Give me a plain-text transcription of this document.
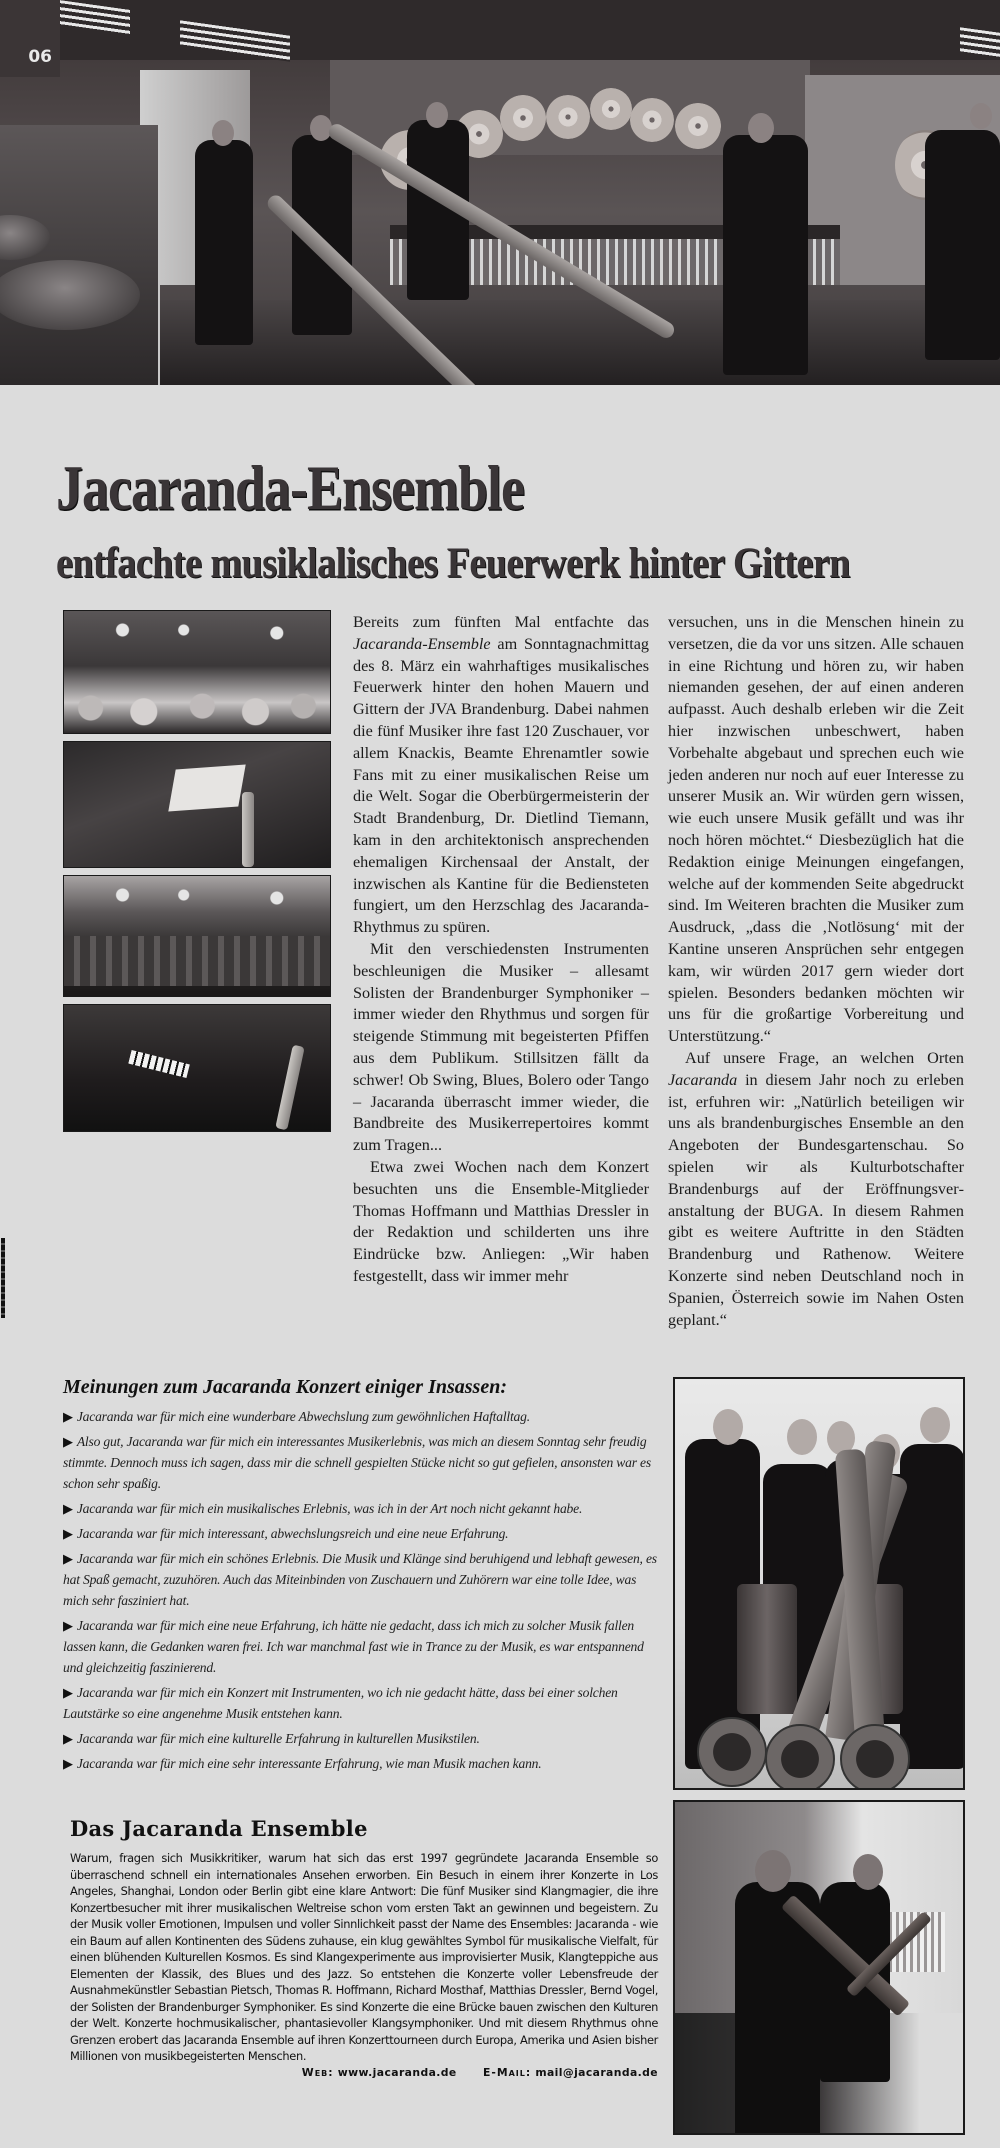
06
Jacaranda-Ensemble
entfachte musiklalisches Feuerwerk hinter Gittern

Bereits zum fünften Mal entfachte das Jacaranda-Ensemble am Sonntagnachmittag des 8. März ein wahrhaftiges musikalisches Feuerwerk hinter den hohen Mauern und Gittern der JVA Brandenburg. Dabei nahmen die fünf Musiker ihre fast 120 Zuschauer, vor allem Knackis, Beamte Ehrenamtler sowie Fans mit zu einer musikalischen Reise um die Welt. Sogar die Oberbürgermeisterin der Stadt Brandenburg, Dr. Dietlind Tiemann, kam in den architektonisch ansprechenden ehemaligen Kirchensaal der Anstalt, der inzwischen als Kantine für die Bediensteten fungiert, um den Herzschlag des Jacaranda-Rhythmus zu spüren.

Mit den verschiedensten Instrumenten beschleunigen die Musiker – allesamt Solisten der Brandenburger Symphoniker – immer wieder den Rhythmus und sorgen für steigende Stimmung mit begeisterten Pfiffen aus dem Publikum. Stillsitzen fällt da schwer! Ob Swing, Blues, Bolero oder Tango – Jacaranda überrascht immer wieder, die Bandbreite des Musikerrepertoires kommt zum Tragen...

Etwa zwei Wochen nach dem Konzert besuchten uns die Ensemble-Mitglieder Thomas Hoffmann und Matthias Dressler in der Redaktion und schilderten uns ihre Eindrücke bzw. Anliegen: „Wir haben festgestellt, dass wir immer mehr

versuchen, uns in die Menschen hinein zu versetzen, die da vor uns sitzen. Alle schauen in eine Richtung und hören zu, wir haben niemanden gesehen, der auf einen anderen aufpasst. Auch deshalb erleben wir die Zeit hier inzwischen unbeschwert, haben Vorbehalte abgebaut und sprechen euch wie jeden anderen nur noch auf euer Interesse zu unserer Musik an. Wir würden gern wissen, wie euch unsere Musik gefällt und was ihr noch hören möchtet.“ Diesbezüglich hat die Redaktion einige Meinungen eingefangen, welche auf der kommenden Seite abgedruckt sind. Im Weiteren brachten die Musiker zum Ausdruck, „dass die ‚Notlösung‘ mit der Kantine unseren Ansprüchen sehr entgegen kam, wir würden 2017 gern wieder dort spielen. Besonders bedanken möchten wir uns für die großartige Vorbereitung und Unterstützung.“

Auf unsere Frage, an welchen Orten Jacaranda in diesem Jahr noch zu erleben ist, erfuhren wir: „Natürlich beteiligen wir uns als brandenburgisches Ensemble an den Angeboten der Bundesgartenschau. So spielen wir als Kulturbotschafter Brandenburgs auf der Eröffnungsveranstaltung der BUGA. In diesem Rahmen gibt es weitere Auftritte in den Städten Brandenburg und Rathenow. Weitere Konzerte sind neben Deutschland noch in Spanien, Österreich sowie im Nahen Osten geplant.“

Meinungen zum Jacaranda Konzert einiger Insassen:
▶ Jacaranda war für mich eine wunderbare Abwechslung zum gewöhnlichen Haftalltag.
▶ Also gut, Jacaranda war für mich ein interessantes Musikerlebnis, was mich an diesem Sonntag sehr freudig stimmte. Dennoch muss ich sagen, dass mir die schnell gespielten Stücke nicht so gut gefielen, ansonsten war es schon sehr spaßig.
▶ Jacaranda war für mich ein musikalisches Erlebnis, was ich in der Art noch nicht gekannt habe.
▶ Jacaranda war für mich interessant, abwechslungsreich und eine neue Erfahrung.
▶ Jacaranda war für mich ein schönes Erlebnis. Die Musik und Klänge sind beruhigend und lebhaft gewesen, es hat Spaß gemacht, zuzuhören. Auch das Miteinbinden von Zuschauern und Zuhörern war eine tolle Idee, was mich sehr fasziniert hat.
▶ Jacaranda war für mich eine neue Erfahrung, ich hätte nie gedacht, dass ich mich zu solcher Musik fallen lassen kann, die Gedanken waren frei. Ich war manchmal fast wie in Trance zu der Musik, es war entspannend und gleichzeitig faszinierend.
▶ Jacaranda war für mich ein Konzert mit Instrumenten, wo ich nie gedacht hätte, dass bei einer solchen Lautstärke so eine angenehme Musik entstehen kann.
▶ Jacaranda war für mich eine kulturelle Erfahrung in kulturellen Musikstilen.
▶ Jacaranda war für mich eine sehr interessante Erfahrung, wie man Musik machen kann.
Das Jacaranda Ensemble
Warum, fragen sich Musikkritiker, warum hat sich das erst 1997 gegründete Jacaranda Ensemble so überraschend schnell ein internationales Ansehen erworben. Ein Besuch in einem ihrer Konzerte in Los Angeles, Shanghai, London oder Berlin gibt eine klare Antwort: Die fünf Musiker sind Klangmagier, die ihre Konzertbesucher mit ihrer musikalischen Weltreise schon vom ersten Takt an gewinnen und begeistern. Zu der Musik voller Emotionen, Impulsen und voller Sinnlichkeit passt der Name des Ensembles: Jacaranda - wie ein Baum auf allen Kontinenten des Südens zuhause, ein klug gewähltes Symbol für musikalische Vielfalt, für einen blühenden Kulturellen Kosmos. Es sind Klangexperimente aus improvisierter Musik, Klangteppiche aus Elementen der Klassik, des Blues und des Jazz. So entstehen die Konzerte voller Lebensfreude der Ausnahmekünstler Sebastian Pietsch, Thomas R. Hoffmann, Richard Mosthaf, Matthias Dressler, Bernd Vogel, der Solisten der Brandenburger Symphoniker. Es sind Konzerte die eine Brücke bauen zwischen den Kulturen der Welt. Konzerte hochmusikalischer, phantasievoller Klangsymphoniker. Und mit diesem Rhythmus ohne Grenzen erobert das Jacaranda Ensemble auf ihren Konzerttourneen durch Europa, Amerika und Asien bisher Millionen von musikbegeisterten Menschen.
Web: www.jacaranda.de E-Mail: mail@jacaranda.de
